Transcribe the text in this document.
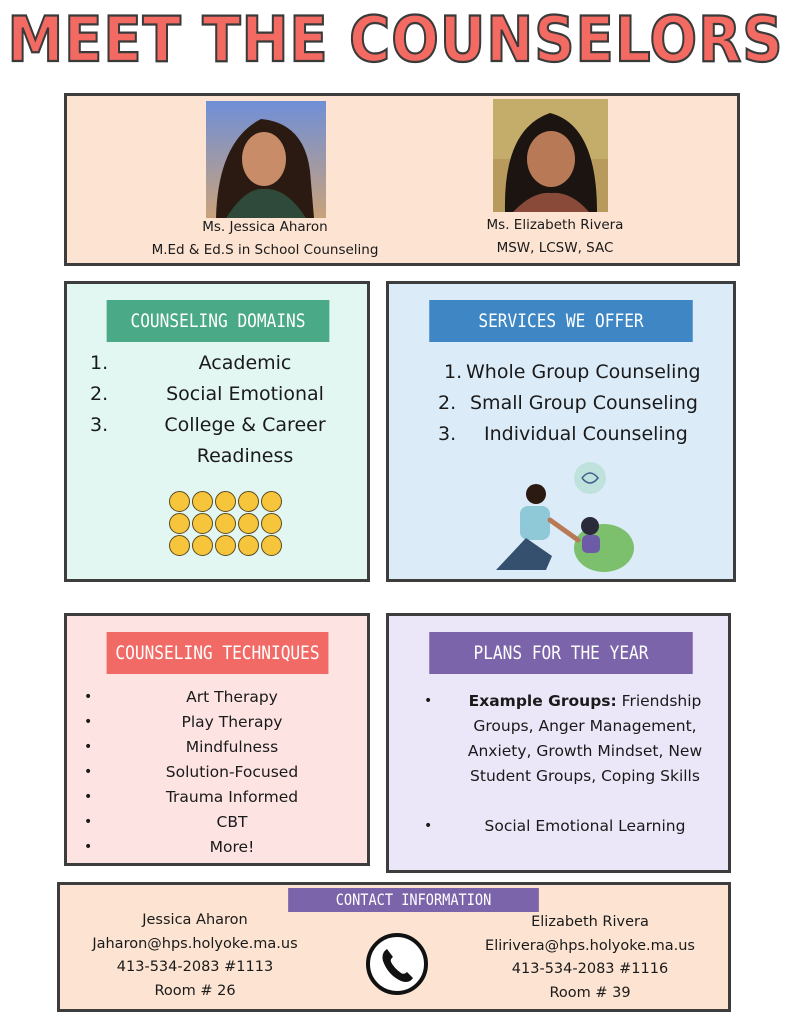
MEET THE COUNSELORS
Ms. Jessica Aharon
M.Ed & Ed.S in School Counseling
Ms. Elizabeth Rivera
MSW, LCSW, SAC
COUNSELING DOMAINS
1.	Academic
2.	Social Emotional
3.	College & Career
Readiness
SERVICES WE OFFER
1. Whole Group Counseling
2. Small Group Counseling
3. Individual Counseling
COUNSELING TECHNIQUES
•	Art Therapy
•	Play Therapy
•	Mindfulness
•	Solution-Focused
•	Trauma Informed
•	CBT
•	More!
PLANS FOR THE YEAR
•	Example Groups: Friendship
Groups, Anger Management,
Anxiety, Growth Mindset, New
Student Groups, Coping Skills
•	Social Emotional Learning
CONTACT INFORMATION
Jessica Aharon
Jaharon@hps.holyoke.ma.us
413-534-2083 #1113
Room # 26
Elizabeth Rivera
Elirivera@hps.holyoke.ma.us
413-534-2083 #1116
Room # 39
